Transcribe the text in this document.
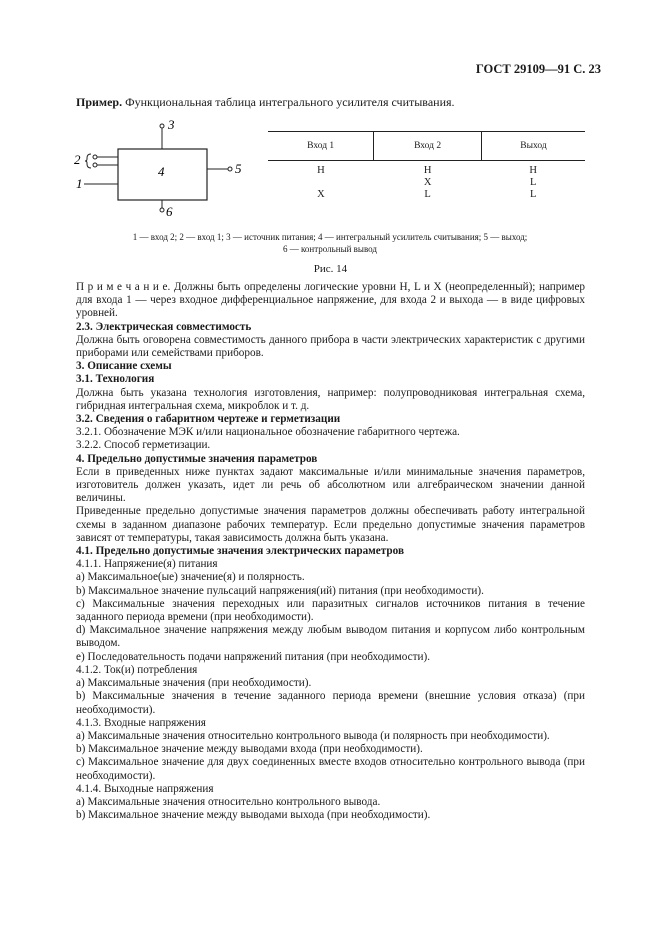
ГОСТ 29109—91 С. 23
Пример. Функциональная таблица интегрального усилителя считывания.
4
3
2
1
5
6
Вход 1	Вход 2	Выход
H	H	H
	X	L
X	L	L
1 — вход 2; 2 — вход 1; 3 — источник питания; 4 — интегральный усилитель считывания; 5 — выход;
6 — контрольный вывод
Рис. 14

П р и м е ч а н и е. Должны быть определены логические уровни H, L и X (неопределенный); например для входа 1 — через входное дифференциальное напряжение, для входа 2 и выхода — в виде цифровых уровней.

2.3. Электрическая совместимость

Должна быть оговорена совместимость данного прибора в части электрических характеристик с другими приборами или семействами приборов.

3. Описание схемы

3.1. Технология

Должна быть указана технология изготовления, например: полупроводниковая интегральная схема, гибридная интегральная схема, микроблок и т. д.

3.2. Сведения о габаритном чертеже и герметизации

3.2.1. Обозначение МЭК и/или национальное обозначение габаритного чертежа.

3.2.2. Способ герметизации.

4. Предельно допустимые значения параметров

Если в приведенных ниже пунктах задают максимальные и/или минимальные значения параметров, изготовитель должен указать, идет ли речь об абсолютном или алгебраическом значении данной величины.

Приведенные предельно допустимые значения параметров должны обеспечивать работу интегральной схемы в заданном диапазоне рабочих температур. Если предельно допустимые значения параметров зависят от температуры, такая зависимость должна быть указана.

4.1. Предельно допустимые значения электрических параметров

4.1.1. Напряжение(я) питания

a) Максимальное(ые) значение(я) и полярность.

b) Максимальное значение пульсаций напряжения(ий) питания (при необходимости).

c) Максимальные значения переходных или паразитных сигналов источников питания в течение заданного периода времени (при необходимости).

d) Максимальное значение напряжения между любым выводом питания и корпусом либо контрольным выводом.

e) Последовательность подачи напряжений питания (при необходимости).

4.1.2. Ток(и) потребления

a) Максимальные значения (при необходимости).

b) Максимальные значения в течение заданного периода времени (внешние условия отказа) (при необходимости).

4.1.3. Входные напряжения

a) Максимальные значения относительно контрольного вывода (и полярность при необходимости).

b) Максимальное значение между выводами входа (при необходимости).

c) Максимальное значение для двух соединенных вместе входов относительно контрольного вывода (при необходимости).

4.1.4. Выходные напряжения

a) Максимальные значения относительно контрольного вывода.

b) Максимальное значение между выводами выхода (при необходимости).
